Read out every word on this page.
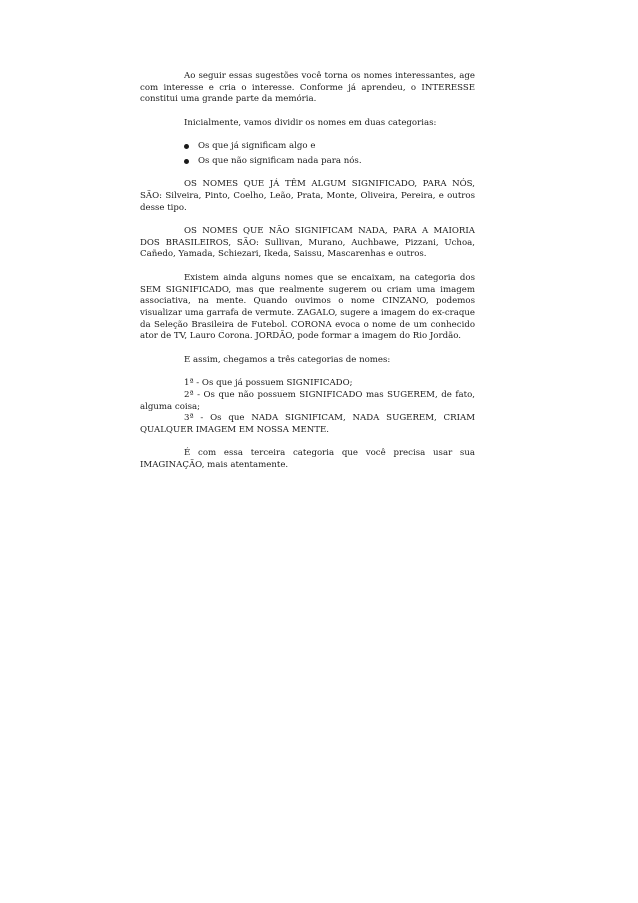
Ao seguir essas sugestões você torna os nomes interessantes, age com interesse e cria o interesse. Conforme já aprendeu, o INTERESSE constitui uma grande parte da memória.

Inicialmente, vamos dividir os nomes em duas categorias:

Os que já significam algo e
Os que não significam nada para nós.

OS NOMES QUE JÁ TÊM ALGUM SIGNIFICADO, PARA NÓS, SÃO: Silveira, Pinto, Coelho, Leão, Prata, Monte, Oliveira, Pereira, e outros desse tipo.

OS NOMES QUE NÃO SIGNIFICAM NADA, PARA A MAIORIA DOS BRASILEIROS, SÃO: Sullivan, Murano, Auchbawe, Pizzani, Uchoa, Cañedo, Yamada, Schiezari, Ikeda, Saissu, Mascarenhas e outros.

Existem ainda alguns nomes que se encaixam, na categoria dos SEM SIGNIFICADO, mas que realmente sugerem ou criam uma imagem associativa, na mente. Quando ouvimos o nome CINZANO, podemos visualizar uma garrafa de vermute. ZAGALO, sugere a imagem do ex-craque da Seleção Brasileira de Futebol. CORONA evoca o nome de um conhecido ator de TV, Lauro Corona. JORDÃO, pode formar a imagem do Rio Jordão.

E assim, chegamos a três categorias de nomes:

1ª - Os que já possuem SIGNIFICADO;

2ª - Os que não possuem SIGNIFICADO mas SUGEREM, de fato, alguma coisa;

3ª - Os que NADA SIGNIFICAM, NADA SUGEREM, CRIAM QUALQUER IMAGEM EM NOSSA MENTE.

É com essa terceira categoria que você precisa usar sua IMAGINAÇÃO, mais atentamente.
